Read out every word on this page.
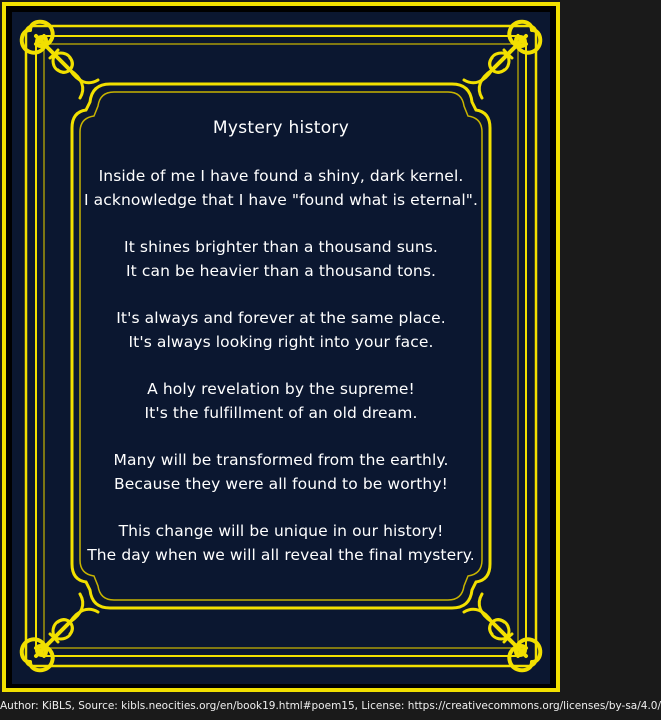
Mystery history
Inside of me I have found a shiny, dark kernel.
I acknowledge that I have "found what is eternal".
It shines brighter than a thousand suns.
It can be heavier than a thousand tons.
It's always and forever at the same place.
It's always looking right into your face.
A holy revelation by the supreme!
It's the fulfillment of an old dream.
Many will be transformed from the earthly.
Because they were all found to be worthy!
This change will be unique in our history!
The day when we will all reveal the final mystery.
Author: KiBLS, Source: kibls.neocities.org/en/book19.html#poem15, License: https://creativecommons.org/licenses/by-sa/4.0/
